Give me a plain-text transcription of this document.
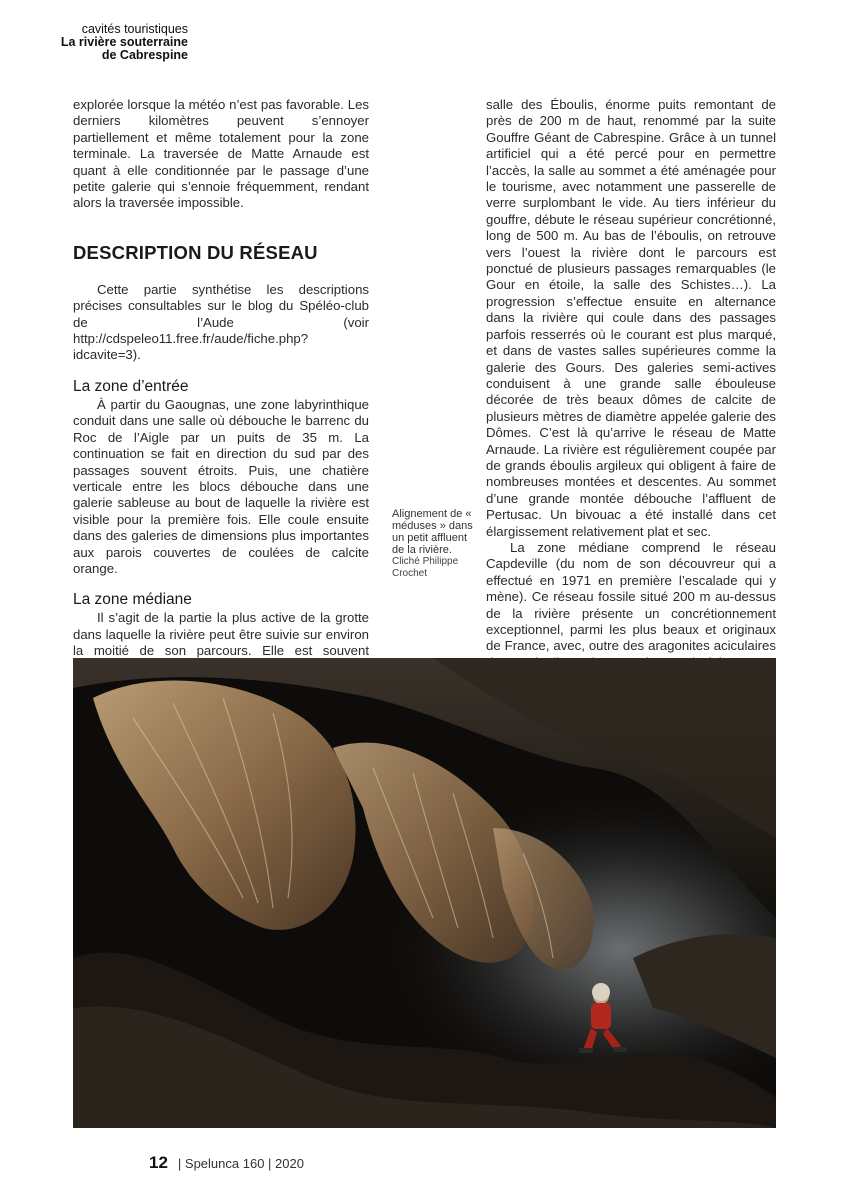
cavités touristiques
La rivière souterraine
de Cabrespine

explorée lorsque la météo n’est pas favorable. Les derniers kilomètres peuvent s’ennoyer partiellement et même totalement pour la zone terminale. La traversée de Matte Arnaude est quant à elle conditionnée par le passage d’une petite galerie qui s’ennoie fréquemment, rendant alors la traversée impossible.

DESCRIPTION DU RÉSEAU

Cette partie synthétise les descriptions précises consultables sur le blog du Spéléo-club de l’Aude (voir http://cdspeleo11.free.fr/aude/fiche.php?idcavite=3).

La zone d’entrée

À partir du Gaougnas, une zone labyrinthique conduit dans une salle où débouche le barrenc du Roc de l’Aigle par un puits de 35 m. La continuation se fait en direction du sud par des passages souvent étroits. Puis, une chatière verticale entre les blocs débouche dans une galerie sableuse au bout de laquelle la rivière est visible pour la première fois. Elle coule ensuite dans des galeries de dimensions plus importantes aux parois couvertes de coulées de calcite orange.

La zone médiane

Il s’agit de la partie la plus active de la grotte dans laquelle la rivière peut être suivie sur environ la moitié de son parcours. Elle est souvent

Alignement de « méduses » dans un petit affluent de la rivière.
Cliché Philippe Crochet

salle des Éboulis, énorme puits remontant de près de 200 m de haut, renommé par la suite Gouffre Géant de Cabrespine. Grâce à un tunnel artificiel qui a été percé pour en permettre l’accès, la salle au sommet a été aménagée pour le tourisme, avec notamment une passerelle de verre surplombant le vide. Au tiers inférieur du gouffre, débute le réseau supérieur concrétionné, long de 500 m. Au bas de l’éboulis, on retrouve vers l’ouest la rivière dont le parcours est ponctué de plusieurs passages remarquables (le Gour en étoile, la salle des Schistes…). La progression s’effectue ensuite en alternance dans la rivière qui coule dans des passages parfois resserrés où le courant est plus marqué, et dans de vastes salles supérieures comme la galerie des Gours. Des galeries semi-actives conduisent à une grande salle ébouleuse décorée de très beaux dômes de calcite de plusieurs mètres de diamètre appelée galerie des Dômes. C’est là qu’arrive le réseau de Matte Arnaude. La rivière est régulièrement coupée par de grands éboulis argileux qui obligent à faire de nombreuses montées et descentes. Au sommet d’une grande montée débouche l’affluent de Pertusac. Un bivouac a été installé dans cet élargissement relativement plat et sec.

La zone médiane comprend le réseau Capdeville (du nom de son découvreur qui a effectué en 1971 en première l’escalade qui y mène). Ce réseau fossile situé 200 m au-dessus de la rivière présente un concrétionnement exceptionnel, parmi les plus beaux et originaux de France, avec, outre des aragonites aciculaires

12 | Spelunca 160 | 2020
